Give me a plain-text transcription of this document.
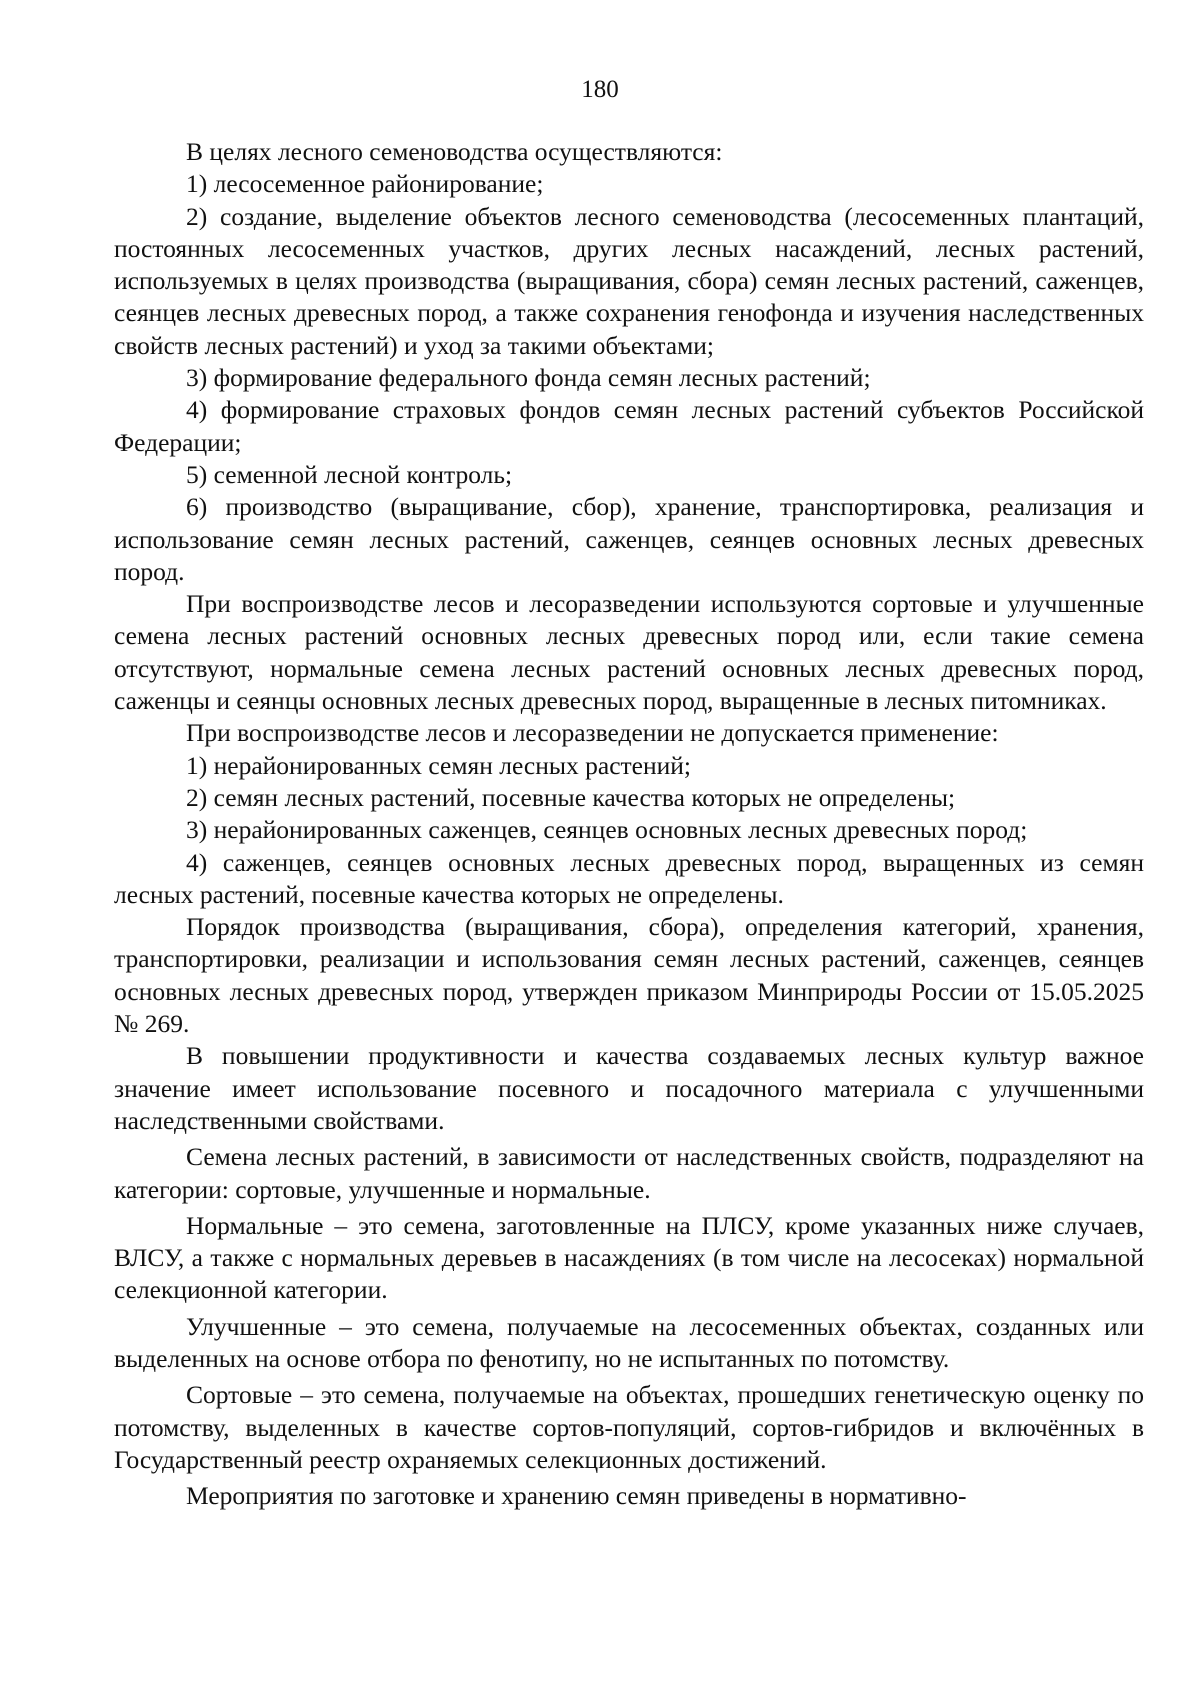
180

В целях лесного семеноводства осуществляются:

1) лесосеменное районирование;

2) создание, выделение объектов лесного семеноводства (лесосеменных плантаций, постоянных лесосеменных участков, других лесных насаждений, лесных растений, используемых в целях производства (выращивания, сбора) семян лесных растений, саженцев, сеянцев лесных древесных пород, а также сохранения генофонда и изучения наследственных свойств лесных растений) и уход за такими объектами;

3) формирование федерального фонда семян лесных растений;

4) формирование страховых фондов семян лесных растений субъектов Российской Федерации;

5) семенной лесной контроль;

6) производство (выращивание, сбор), хранение, транспортировка, реализация и использование семян лесных растений, саженцев, сеянцев основных лесных древесных пород.

При воспроизводстве лесов и лесоразведении используются сортовые и улучшенные семена лесных растений основных лесных древесных пород или, если такие семена отсутствуют, нормальные семена лесных растений основных лесных древесных пород, саженцы и сеянцы основных лесных древесных пород, выращенные в лесных питомниках.

При воспроизводстве лесов и лесоразведении не допускается применение:

1) нерайонированных семян лесных растений;

2) семян лесных растений, посевные качества которых не определены;

3) нерайонированных саженцев, сеянцев основных лесных древесных пород;

4) саженцев, сеянцев основных лесных древесных пород, выращенных из семян лесных растений, посевные качества которых не определены.

Порядок производства (выращивания, сбора), определения категорий, хранения, транспортировки, реализации и использования семян лесных растений, саженцев, сеянцев основных лесных древесных пород, утвержден приказом Минприроды России от 15.05.2025 № 269.

В повышении продуктивности и качества создаваемых лесных культур важное значение имеет использование посевного и посадочного материала с улучшенными наследственными свойствами.

Семена лесных растений, в зависимости от наследственных свойств, подразделяют на категории: сортовые, улучшенные и нормальные.

Нормальные – это семена, заготовленные на ПЛСУ, кроме указанных ниже случаев, ВЛСУ, а также с нормальных деревьев в насаждениях (в том числе на лесосеках) нормальной селекционной категории.

Улучшенные – это семена, получаемые на лесосеменных объектах, созданных или выделенных на основе отбора по фенотипу, но не испытанных по потомству.

Сортовые – это семена, получаемые на объектах, прошедших генетическую оценку по потомству, выделенных в качестве сортов-популяций, сортов-гибридов и включённых в Государственный реестр охраняемых селекционных достижений.

Мероприятия по заготовке и хранению семян приведены в нормативно-
